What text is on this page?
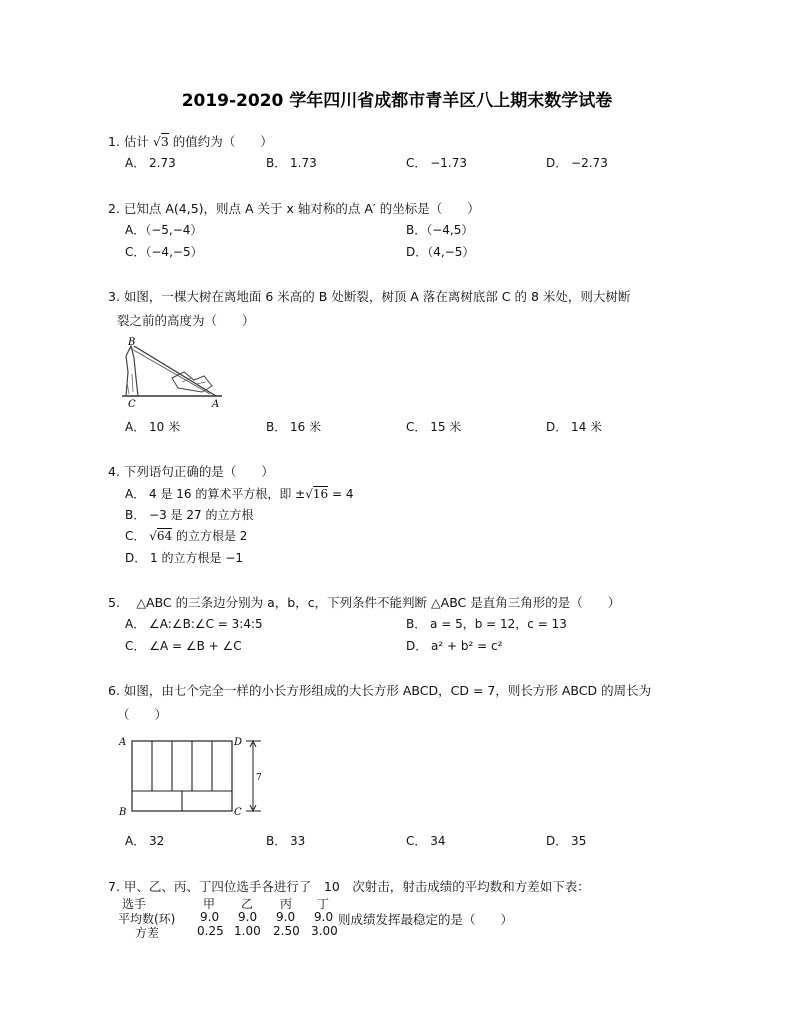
2019-2020 学年四川省成都市青羊区八上期末数学试卷
1. 估计 √3 的值约为（　　）
A． 2.73	B． 1.73	C． −1.73	D． −2.73
2. 已知点 A(4,5)，则点 A 关于 x 轴对称的点 A′ 的坐标是（　　）
A．（−5,−4）	B．（−4,5）
C．（−4,−5）	D．（4,−5）
3. 如图，一棵大树在离地面 6 米高的 B 处断裂，树顶 A 落在离树底部 C 的 8 米处，则大树断
裂之前的高度为（　　）
B
C	A
A． 10 米	B． 16 米	C． 15 米	D． 14 米
4. 下列语句正确的是（　　）
A． 4 是 16 的算术平方根，即 ±√16 = 4
B． −3 是 27 的立方根
C． √64 的立方根是 2
D． 1 的立方根是 −1
5.　 △ABC 的三条边分别为 a，b，c，下列条件不能判断 △ABC 是直角三角形的是（　　）
A． ∠A:∠B:∠C = 3:4:5	B． a = 5，b = 12，c = 13
C． ∠A = ∠B + ∠C	D． a² + b² = c²
6. 如图，由七个完全一样的小长方形组成的大长方形 ABCD，CD = 7，则长方形 ABCD 的周长为
（　　）
A	D
B	C
7
A． 32	B． 33	C． 34	D． 35
7. 甲、乙、丙、丁四位选手各进行了　10　次射击，射击成绩的平均数和方差如下表：
选手	甲 乙 丙 丁
平均数(环) 9.0 9.0 9.0 9.0 则成绩发挥最稳定的是（　　）
方差	0.25 1.00 2.50 3.00
